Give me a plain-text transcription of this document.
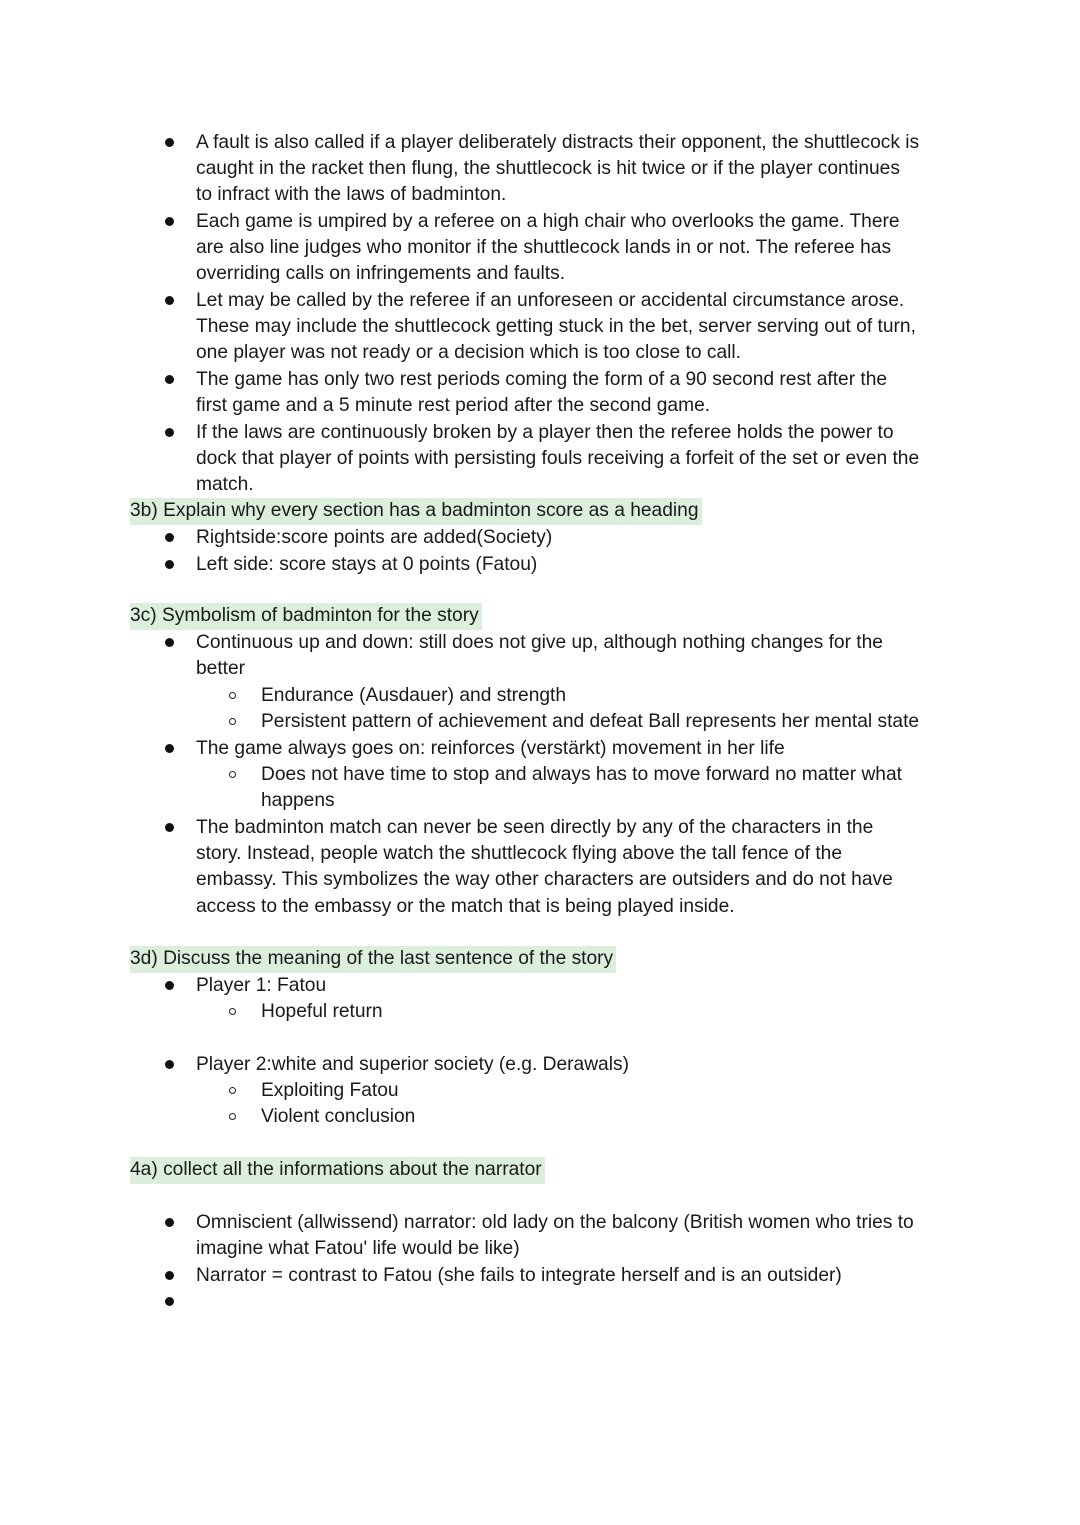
A fault is also called if a player deliberately distracts their opponent, the shuttlecock is
caught in the racket then flung, the shuttlecock is hit twice or if the player continues
to infract with the laws of badminton.
Each game is umpired by a referee on a high chair who overlooks the game. There
are also line judges who monitor if the shuttlecock lands in or not. The referee has
overriding calls on infringements and faults.
Let may be called by the referee if an unforeseen or accidental circumstance arose.
These may include the shuttlecock getting stuck in the bet, server serving out of turn,
one player was not ready or a decision which is too close to call.
The game has only two rest periods coming the form of a 90 second rest after the
first game and a 5 minute rest period after the second game.
If the laws are continuously broken by a player then the referee holds the power to
dock that player of points with persisting fouls receiving a forfeit of the set or even the
match.
3b) Explain why every section has a badminton score as a heading
Rightside:score points are added(Society)
Left side: score stays at 0 points (Fatou)
3c) Symbolism of badminton for the story
Continuous up and down: still does not give up, although nothing changes for the
better
Endurance (Ausdauer) and strength
Persistent pattern of achievement and defeat Ball represents her mental state
The game always goes on: reinforces (verstärkt) movement in her life
Does not have time to stop and always has to move forward no matter what
happens
The badminton match can never be seen directly by any of the characters in the
story. Instead, people watch the shuttlecock flying above the tall fence of the
embassy. This symbolizes the way other characters are outsiders and do not have
access to the embassy or the match that is being played inside.
3d) Discuss the meaning of the last sentence of the story
Player 1: Fatou
Hopeful return
Player 2:white and superior society (e.g. Derawals)
Exploiting Fatou
Violent conclusion
4a) collect all the informations about the narrator
Omniscient (allwissend) narrator: old lady on the balcony (British women who tries to
imagine what Fatou' life would be like)
Narrator = contrast to Fatou (she fails to integrate herself and is an outsider)
